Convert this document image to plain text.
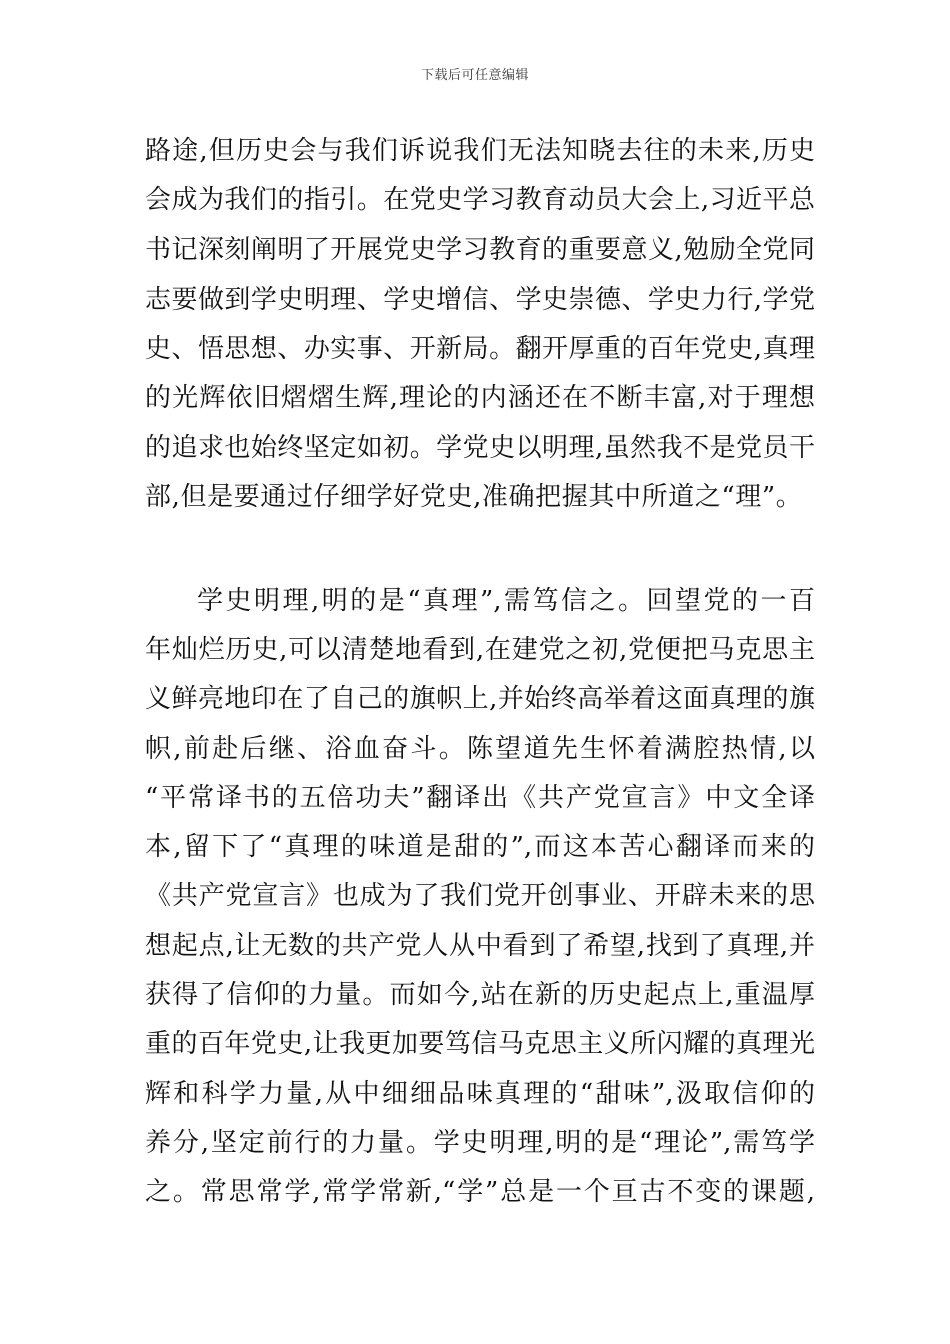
下载后可任意编辑
路途,但历史会与我们诉说我们无法知晓去往的未来,历史
会成为我们的指引。在党史学习教育动员大会上,习近平总
书记深刻阐明了开展党史学习教育的重要意义,勉励全党同
志要做到学史明理、学史增信、学史崇德、学史力行,学党
史、悟思想、办实事、开新局。翻开厚重的百年党史,真理
的光辉依旧熠熠生辉,理论的内涵还在不断丰富,对于理想
的追求也始终坚定如初。学党史以明理,虽然我不是党员干
部,但是要通过仔细学好党史,准确把握其中所道之“理”。
学史明理,明的是“真理”,需笃信之。回望党的一百
年灿烂历史,可以清楚地看到,在建党之初,党便把马克思主
义鲜亮地印在了自己的旗帜上,并始终高举着这面真理的旗
帜,前赴后继、浴血奋斗。陈望道先生怀着满腔热情,以
“平常译书的五倍功夫”翻译出《共产党宣言》中文全译
本,留下了“真理的味道是甜的”,而这本苦心翻译而来的
《共产党宣言》也成为了我们党开创事业、开辟未来的思
想起点,让无数的共产党人从中看到了希望,找到了真理,并
获得了信仰的力量。而如今,站在新的历史起点上,重温厚
重的百年党史,让我更加要笃信马克思主义所闪耀的真理光
辉和科学力量,从中细细品味真理的“甜味”,汲取信仰的
养分,坚定前行的力量。学史明理,明的是“理论”,需笃学
之。常思常学,常学常新,“学”总是一个亘古不变的课题,
